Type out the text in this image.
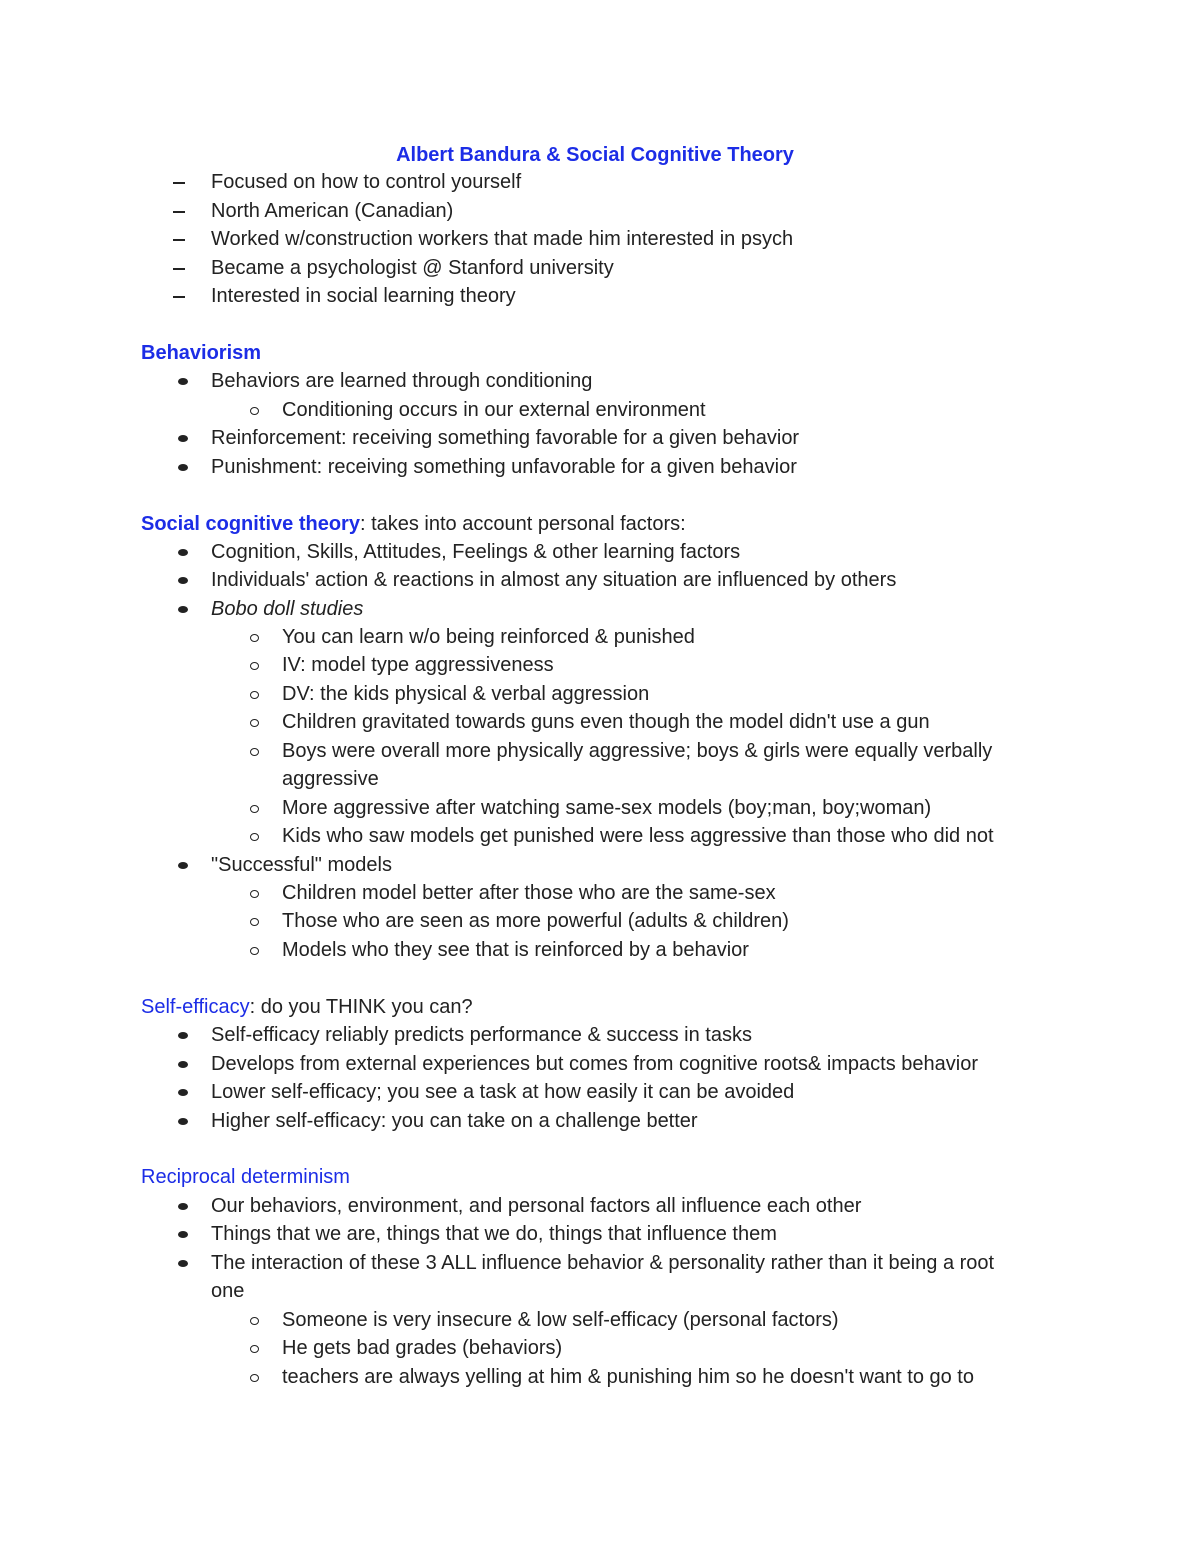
Albert Bandura & Social Cognitive Theory
Focused on how to control yourself
North American (Canadian)
Worked w/construction workers that made him interested in psych
Became a psychologist @ Stanford university
Interested in social learning theory
Behaviorism
Behaviors are learned through conditioning
Conditioning occurs in our external environment
Reinforcement: receiving something favorable for a given behavior
Punishment: receiving something unfavorable for a given behavior
Social cognitive theory: takes into account personal factors:
Cognition, Skills, Attitudes, Feelings & other learning factors
Individuals' action & reactions in almost any situation are influenced by others
Bobo doll studies
You can learn w/o being reinforced & punished
IV: model type aggressiveness
DV: the kids physical & verbal aggression
Children gravitated towards guns even though the model didn't use a gun
Boys were overall more physically aggressive; boys & girls were equally verbally
aggressive
More aggressive after watching same-sex models (boy;man, boy;woman)
Kids who saw models get punished were less aggressive than those who did not
"Successful" models
Children model better after those who are the same-sex
Those who are seen as more powerful (adults & children)
Models who they see that is reinforced by a behavior
Self-efficacy: do you THINK you can?
Self-efficacy reliably predicts performance & success in tasks
Develops from external experiences but comes from cognitive roots& impacts behavior
Lower self-efficacy; you see a task at how easily it can be avoided
Higher self-efficacy: you can take on a challenge better
Reciprocal determinism
Our behaviors, environment, and personal factors all influence each other
Things that we are, things that we do, things that influence them
The interaction of these 3 ALL influence behavior & personality rather than it being a root
one
Someone is very insecure & low self-efficacy (personal factors)
He gets bad grades (behaviors)
teachers are always yelling at him & punishing him so he doesn't want to go to
